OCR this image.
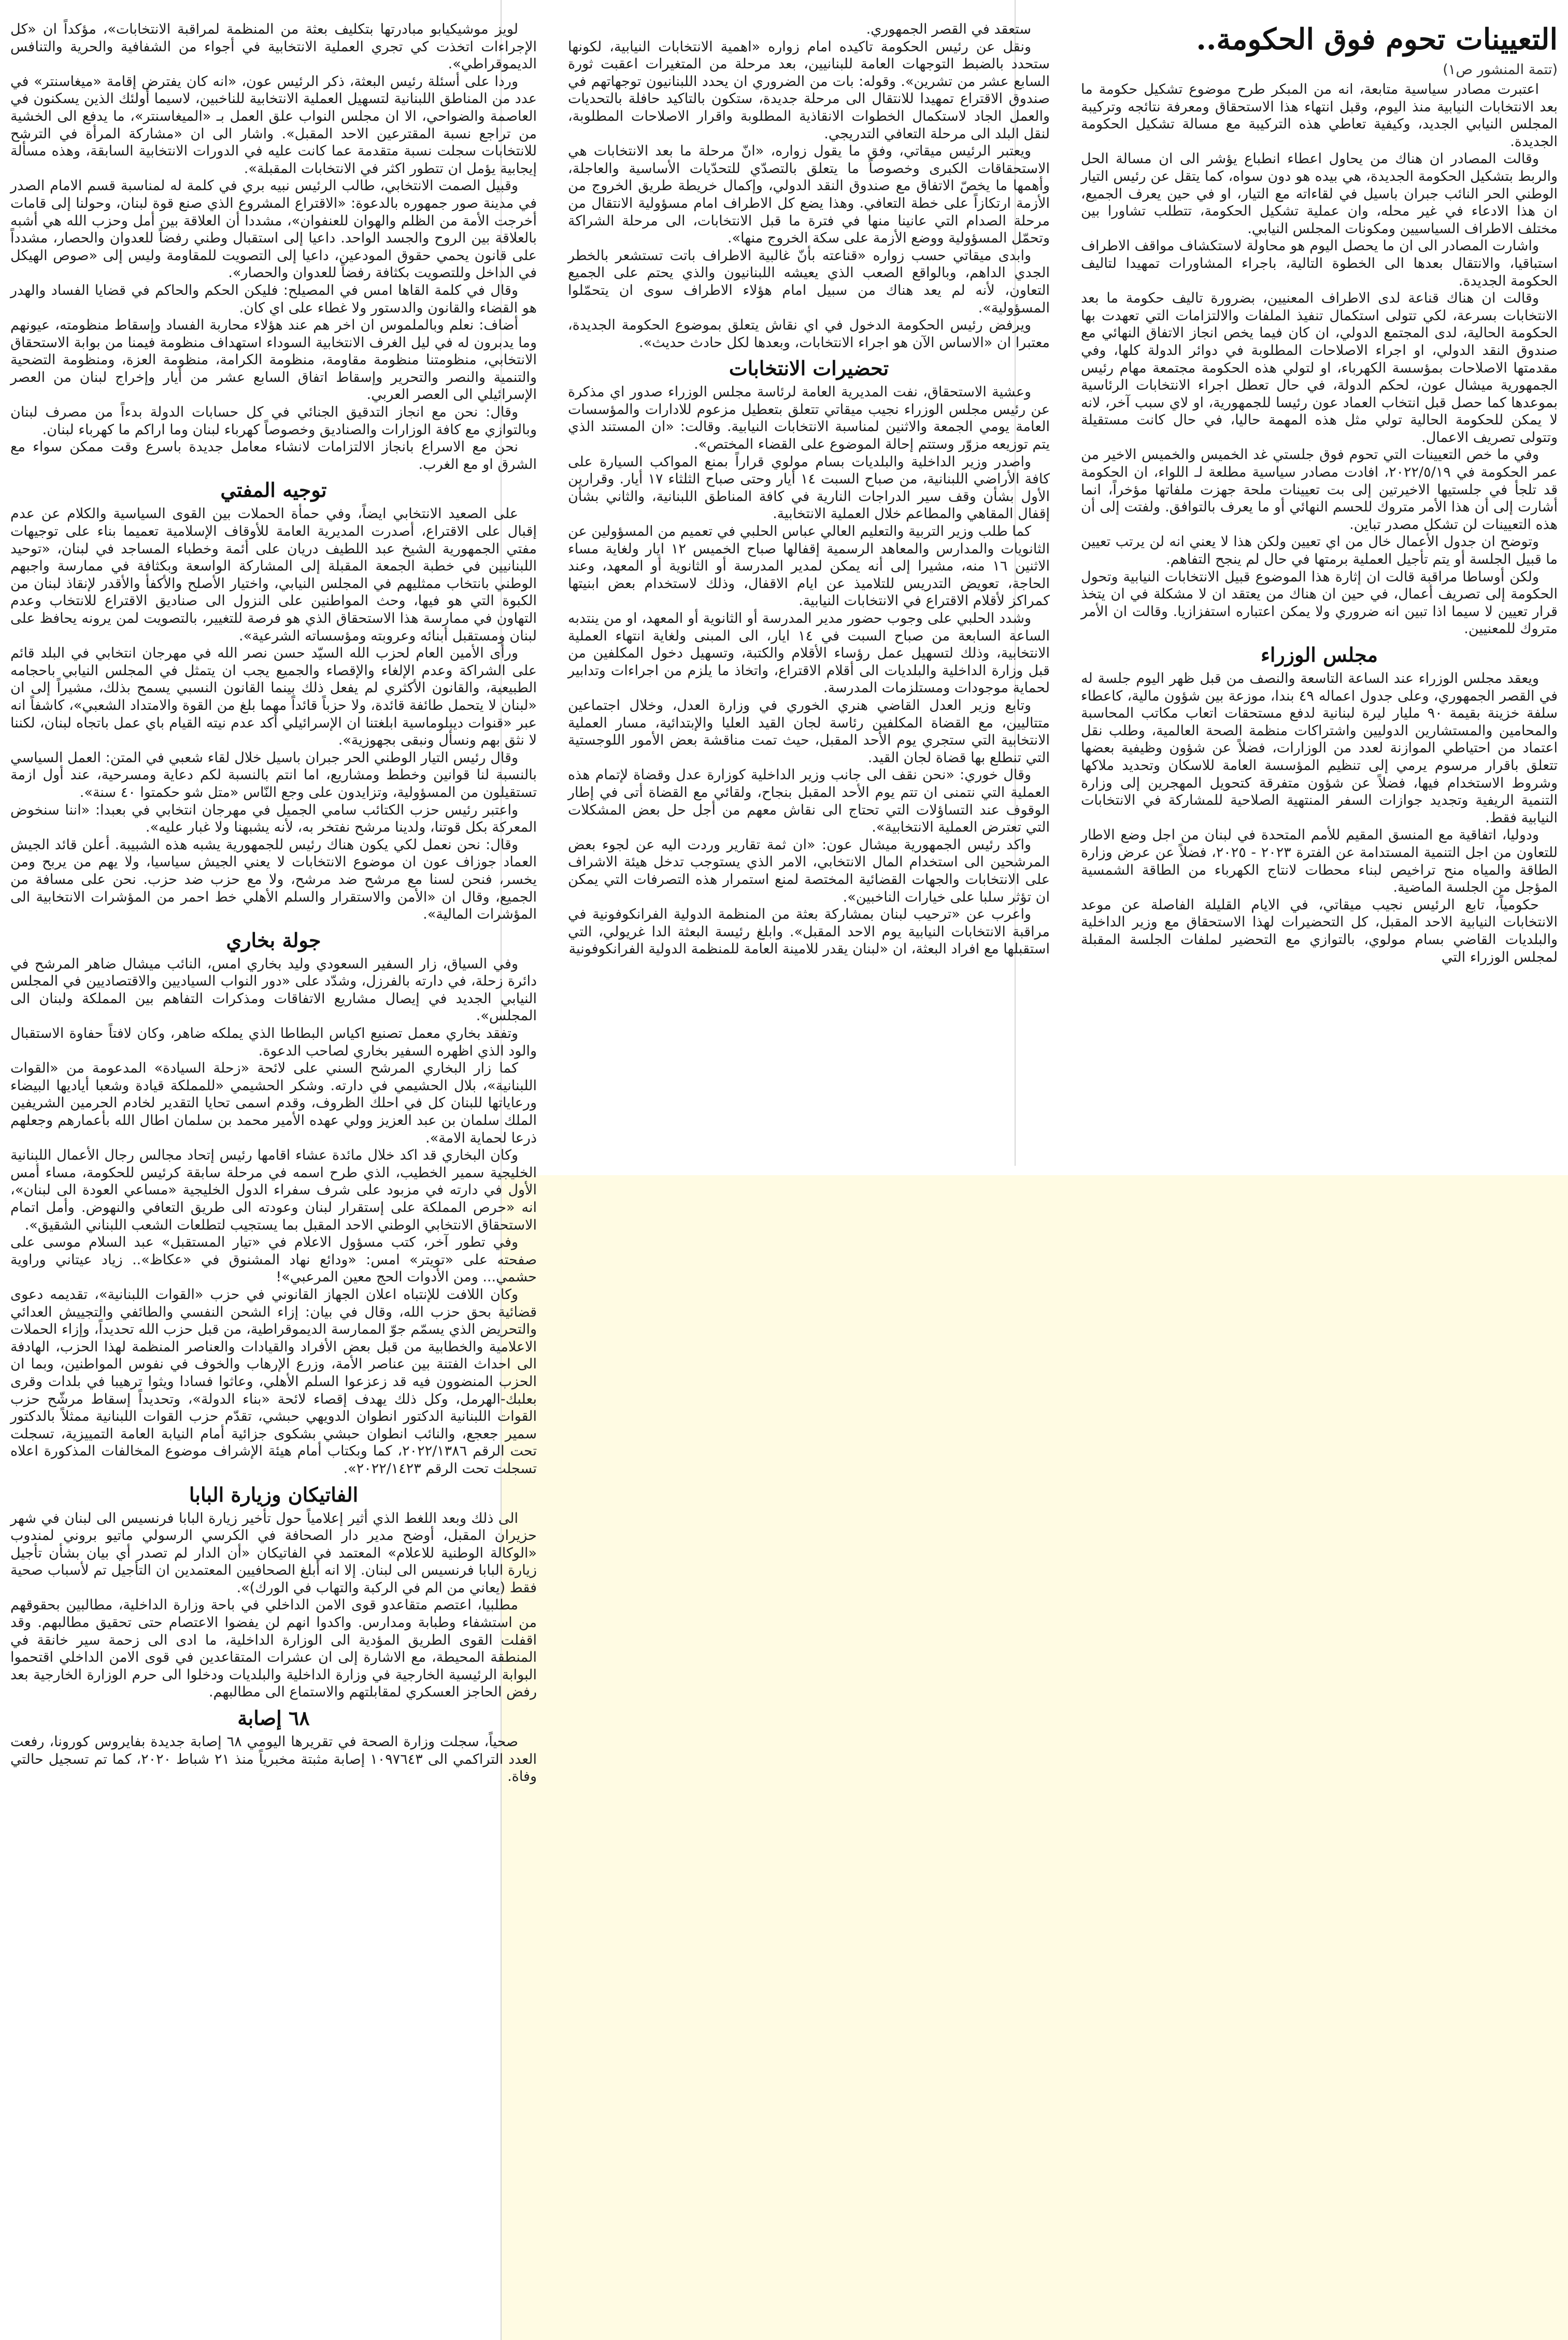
التعيينات تحوم فوق الحكومة..
(تتمة المنشور ص١)

اعتبرت مصادر سياسية متابعة، انه من المبكر طرح موضوع تشكيل حكومة ما بعد الانتخابات النيابية منذ اليوم، وقبل انتهاء هذا الاستحقاق ومعرفة نتائجه وتركيبة المجلس النيابي الجديد، وكيفية تعاطي هذه التركيبة مع مسالة تشكيل الحكومة الجديدة.

وقالت المصادر ان هناك من يحاول اعطاء انطباع يؤشر الى ان مسالة الحل والربط بتشكيل الحكومة الجديدة، هي بيده هو دون سواه، كما يتقل عن رئيس التيار الوطني الحر النائب جبران باسيل في لقاءاته مع التيار، او في حين يعرف الجميع، ان هذا الادعاء في غير محله، وان عملية تشكيل الحكومة، تتطلب تشاورا بين مختلف الاطراف السياسيين ومكونات المجلس النيابي.

واشارت المصادر الى ان ما يحصل اليوم هو محاولة لاستكشاف مواقف الاطراف استباقيا، والانتقال بعدها الى الخطوة التالية، باجراء المشاورات تمهيدا لتاليف الحكومة الجديدة.

وقالت ان هناك قناعة لدى الاطراف المعنيين، بضرورة تاليف حكومة ما بعد الانتخابات بسرعة، لكي تتولى استكمال تنفيذ الملفات والالتزامات التي تعهدت بها الحكومة الحالية، لدى المجتمع الدولي، ان كان فيما يخص انجاز الاتفاق النهائي مع صندوق النقد الدولي، او اجراء الاصلاحات المطلوبة في دوائر الدولة كلها، وفي مقدمتها الاصلاحات بمؤسسة الكهرباء، او لتولي هذه الحكومة مجتمعة مهام رئيس الجمهورية ميشال عون، لحكم الدولة، في حال تعطل اجراء الانتخابات الرئاسية بموعدها كما حصل قبل انتخاب العماد عون رئيسا للجمهورية، او لاي سبب آخر، لانه لا يمكن للحكومة الحالية تولي مثل هذه المهمة حاليا، في حال كانت مستقيلة وتتولى تصريف الاعمال.

وفي ما خص التعيينات التي تحوم فوق جلستي غد الخميس والخميس الاخير من عمر الحكومة في ٢٠٢٢/٥/١٩، افادت مصادر سياسية مطلعة لـ اللواء، ان الحكومة قد تلجأ في جلستيها الاخيرتين إلى بت تعيينات ملحة جهزت ملفاتها مؤخراً، انما أشارت إلى أن هذا الأمر متروك للحسم النهائي أو ما يعرف بالتوافق. ولفتت إلى أن هذه التعيينات لن تشكل مصدر تباين.

وتوضح ان جدول الأعمال خال من اي تعيين ولكن هذا لا يعني انه لن يرتب تعيين ما قبيل الجلسة أو يتم تأجيل العملية برمتها في حال لم ينجح التفاهم.

ولكن أوساطا مراقبة قالت ان إثارة هذا الموضوع قبيل الانتخابات النيابية وتحول الحكومة إلى تصريف أعمال، في حين ان هناك من يعتقد ان لا مشكلة في ان يتخذ قرار تعيين لا سيما اذا تبين انه ضروري ولا يمكن اعتباره استفزازيا. وقالت ان الأمر متروك للمعنيين.

مجلس الوزراء

ويعقد مجلس الوزراء عند الساعة التاسعة والنصف من قبل ظهر اليوم جلسة له في القصر الجمهوري، وعلى جدول اعماله ٤٩ بندا، موزعة بين شؤون مالية، كاعطاء سلفة خزينة بقيمة ٩٠ مليار ليرة لبنانية لدفع مستحقات اتعاب مكاتب المحاسبة والمحامين والمستشارين الدوليين واشتراكات منظمة الصحة العالمية، وطلب نقل اعتماد من احتياطي الموازنة لعدد من الوزارات، فضلاً عن شؤون وظيفية بعضها تتعلق باقرار مرسوم يرمي إلى تنظيم المؤسسة العامة للاسكان وتحديد ملاكها وشروط الاستخدام فيها، فضلاً عن شؤون متفرقة كتحويل المهجرين إلى وزارة التنمية الريفية وتجديد جوازات السفر المنتهية الصلاحية للمشاركة في الانتخابات النيابية فقط.

ودوليا، اتفاقية مع المنسق المقيم للأمم المتحدة في لبنان من اجل وضع الاطار للتعاون من اجل التنمية المستدامة عن الفترة ٢٠٢٣ - ٢٠٢٥، فضلاً عن عرض وزارة الطاقة والمياه منح تراخيص لبناء محطات لانتاج الكهرباء من الطاقة الشمسية المؤجل من الجلسة الماضية.

حكومياً، تابع الرئيس نجيب ميقاتي، في الايام القليلة الفاصلة عن موعد الانتخابات النيابية الاحد المقبل، كل التحضيرات لهذا الاستحقاق مع وزير الداخلية والبلديات القاضي بسام مولوي، بالتوازي مع التحضير لملفات الجلسة المقبلة لمجلس الوزراء التي

ستعقد في القصر الجمهوري.

ونقل عن رئيس الحكومة تاكيده امام زواره «اهمية الانتخابات النيابية، لكونها ستحدد بالضبط التوجهات العامة للبنانيين، بعد مرحلة من المتغيرات اعقبت ثورة السابع عشر من تشرين». وقوله: بات من الضروري ان يحدد اللبنانيون توجهاتهم في صندوق الاقتراع تمهيدا للانتقال الى مرحلة جديدة، ستكون بالتاكيد حافلة بالتحديات والعمل الجاد لاستكمال الخطوات الانقاذية المطلوبة واقرار الاصلاحات المطلوبة، لنقل البلد الى مرحلة التعافي التدريجي.

ويعتبر الرئيس ميقاتي، وفق ما يقول زواره، «انّ مرحلة ما بعد الانتخابات هي الاستحقاقات الكبرى وخصوصاً ما يتعلق بالتصدّي للتحدّيات الأساسية والعاجلة، وأهمها ما يخصّ الاتفاق مع صندوق النقد الدولي، وإكمال خريطة طريق الخروج من الأزمة ارتكازاً على خطة التعافي. وهذا يضع كل الاطراف امام مسؤولية الانتقال من مرحلة الصدام التي عانينا منها في فترة ما قبل الانتخابات، الى مرحلة الشراكة وتحمّل المسؤولية ووضع الأزمة على سكة الخروج منها».

وابدى ميقاتي حسب زواره «قناعته بأنّ غالبية الاطراف باتت تستشعر بالخطر الجدي الداهم، وبالواقع الصعب الذي يعيشه اللبنانيون والذي يحتم على الجميع التعاون، لأنه لم يعد هناك من سبيل امام هؤلاء الاطراف سوى ان يتحمّلوا المسؤولية».

ويرفض رئيس الحكومة الدخول في اي نقاش يتعلق بموضوع الحكومة الجديدة، معتبرا ان «الاساس الآن هو اجراء الانتخابات، وبعدها لكل حادث حديث».

تحضيرات الانتخابات

وعشية الاستحقاق، نفت المديرية العامة لرئاسة مجلس الوزراء صدور اي مذكرة عن رئيس مجلس الوزراء نجيب ميقاتي تتعلق بتعطيل مزعوم للادارات والمؤسسات العامة يومي الجمعة والاثنين لمناسبة الانتخابات النيابية. وقالت: «ان المستند الذي يتم توزيعه مزوّر وستتم إحالة الموضوع على القضاء المختص».

واصدر وزير الداخلية والبلديات بسام مولوي قراراً بمنع المواكب السيارة على كافة الأراضي اللبنانية، من صباح السبت ١٤ أيار وحتى صباح الثلثاء ١٧ أيار. وقرارين الأول بشأن وقف سير الدراجات النارية في كافة المناطق اللبنانية، والثاني بشأن إقفال المقاهي والمطاعم خلال العملية الانتخابية.

كما طلب وزير التربية والتعليم العالي عباس الحلبي في تعميم من المسؤولين عن الثانويات والمدارس والمعاهد الرسمية إقفالها صباح الخميس ١٢ ايار ولغاية مساء الاثنين ١٦ منه، مشيرا إلى أنه يمكن لمدير المدرسة أو الثانوية أو المعهد، وعند الحاجة، تعويض التدريس للتلاميذ عن ايام الاقفال، وذلك لاستخدام بعض ابنيتها كمراكز لأقلام الاقتراع في الانتخابات النيابية.

وشدد الحلبي على وجوب حضور مدير المدرسة أو الثانوية أو المعهد، او من ينتدبه الساعة السابعة من صباح السبت في ١٤ ايار، الى المبنى ولغاية انتهاء العملية الانتخابية، وذلك لتسهيل عمل رؤساء الأقلام والكتبة، وتسهيل دخول المكلفين من قبل وزارة الداخلية والبلديات الى أقلام الاقتراع، واتخاذ ما يلزم من اجراءات وتدابير لحماية موجودات ومستلزمات المدرسة.

وتابع وزير العدل القاضي هنري الخوري في وزارة العدل، وخلال اجتماعين متتاليين، مع القضاة المكلفين رئاسة لجان القيد العليا والإبتدائية، مسار العملية الانتخابية التي ستجري يوم الأحد المقبل، حيث تمت مناقشة بعض الأمور اللوجستية التي تنطلع بها قضاة لجان القيد.

وقال خوري: «نحن نقف الى جانب وزير الداخلية كوزارة عدل وقضاة لإتمام هذه العملية التي نتمنى ان تتم يوم الأحد المقبل بنجاح، ولقائي مع القضاة أتى في إطار الوقوف عند التساؤلات التي تحتاج الى نقاش معهم من أجل حل بعض المشكلات التي تعترض العملية الانتخابية».

واكد رئيس الجمهورية ميشال عون: «ان ثمة تقارير وردت اليه عن لجوء بعض المرشحين الى استخدام المال الانتخابي، الامر الذي يستوجب تدخل هيئة الاشراف على الانتخابات والجهات القضائية المختصة لمنع استمرار هذه التصرفات التي يمكن ان تؤثر سلبا على خيارات الناخبين».

واعرب عن «ترحيب لبنان بمشاركة بعثة من المنظمة الدولية الفرانكوفونية في مراقبة الانتخابات النيابية يوم الاحد المقبل». وابلغ رئيسة البعثة الدا غريولي، التي استقبلها مع افراد البعثة، ان «لبنان يقدر للامينة العامة للمنظمة الدولية الفرانكوفونية

لويز موشيكيابو مبادرتها بتكليف بعثة من المنظمة لمراقبة الانتخابات»، مؤكداً ان «كل الإجراءات اتخذت كي تجري العملية الانتخابية في أجواء من الشفافية والحرية والتنافس الديموقراطي».

وردا على أسئلة رئيس البعثة، ذكر الرئيس عون، «انه كان يفترض إقامة «ميغاسنتر» في عدد من المناطق اللبنانية لتسهيل العملية الانتخابية للناخبين، لاسيما أولئك الذين يسكنون في العاصمة والضواحي، الا ان مجلس النواب علق العمل بـ «الميغاسنتر»، ما يدفع الى الخشية من تراجع نسبة المقترعين الاحد المقبل». واشار الى ان «مشاركة المرأة في الترشح للانتخابات سجلت نسبة متقدمة عما كانت عليه في الدورات الانتخابية السابقة، وهذه مسألة إيجابية يؤمل ان تتطور اكثر في الانتخابات المقبلة».

وقبيل الصمت الانتخابي، طالب الرئيس نبيه بري في كلمة له لمناسبة قسم الامام الصدر في مدينة صور جمهوره بالدعوة: «الاقتراع المشروع الذي صنع قوة لبنان، وحولنا إلى قامات أخرجت الأمة من الظلم والهوان للعنفوان»، مشددا أن العلاقة بين أمل وحزب الله هي أشبه بالعلاقة بين الروح والجسد الواحد. داعيا إلى استقبال وطني رفضاً للعدوان والحصار، مشدداً على قانون يحمي حقوق المودعين، داعيا إلى التصويت للمقاومة وليس إلى «صوص الهيكل في الداخل وللتصويت بكثافة رفضاً للعدوان والحصار».

وقال في كلمة القاها امس في المصيلح: فليكن الحكم والحاكم في قضايا الفساد والهدر هو القضاء والقانون والدستور ولا غطاء على اي كان.

أضاف: نعلم وبالملموس ان اخر هم عند هؤلاء محاربة الفساد وإسقاط منظومته، عيونهم وما يدبرون له في ليل الغرف الانتخابية السوداء استهداف منظومة فيمنا من بوابة الاستحقاق الانتخابي، منظومتنا منظومة مقاومة، منظومة الكرامة، منظومة العزة، ومنظومة التضحية والتنمية والنصر والتحرير وإسقاط اتفاق السابع عشر من أيار وإخراج لبنان من العصر الإسرائيلي الى العصر العربي.

وقال: نحن مع انجاز التدقيق الجنائي في كل حسابات الدولة بدءاً من مصرف لبنان وبالتوازي مع كافة الوزارات والصناديق وخصوصاً كهرباء لبنان وما اراكم ما كهرباء لبنان.

نحن مع الاسراع بانجاز الالتزامات لانشاء معامل جديدة باسرع وقت ممكن سواء مع الشرق او مع الغرب.

توجيه المفتي

على الصعيد الانتخابي ايضاً، وفي حمأة الحملات بين القوى السياسية والكلام عن عدم إقبال على الاقتراع، أصدرت المديرية العامة للأوقاف الإسلامية تعميما بناء على توجيهات مفتي الجمهورية الشيخ عبد اللطيف دريان على أئمة وخطباء المساجد في لبنان، «توحيد اللبنانيين في خطبة الجمعة المقبلة إلى المشاركة الواسعة وبكثافة في ممارسة واجبهم الوطني بانتخاب ممثليهم في المجلس النيابي، واختيار الأصلح والأكفأ والأقدر لإنقاذ لبنان من الكبوة التي هو فيها، وحث المواطنين على النزول الى صناديق الاقتراع للانتخاب وعدم التهاون في ممارسة هذا الاستحقاق الذي هو فرصة للتغيير، بالتصويت لمن يرونه يحافظ على لبنان ومستقبل أبنائه وعروبته ومؤسساته الشرعية».

ورأى الأمين العام لحزب الله السيّد حسن نصر الله في مهرجان انتخابي في البلد قائم على الشراكة وعدم الإلغاء والإقصاء والجميع يجب ان يتمثل في المجلس النيابي باحجامه الطبيعية، والقانون الأكثري لم يفعل ذلك بينما القانون النسبي يسمح بذلك، مشيراً إلى ان «لبنان لا يتحمل طائفة قائدة، ولا حزباً قائداً مهما بلغ من القوة والامتداد الشعبي»، كاشفاً انه عبر «قنوات ديبلوماسية ابلغتنا ان الإسرائيلي أكد عدم نيته القيام باي عمل باتجاه لبنان، لكننا لا نثق بهم ونسأل ونبقى بجهوزية».

وقال رئيس التيار الوطني الحر جبران باسيل خلال لقاء شعبي في المتن: العمل السياسي بالنسبة لنا قوانين وخطط ومشاريع، اما انتم بالنسبة لكم دعاية ومسرحية، عند أول ازمة تستقيلون من المسؤولية، وتزايدون على وجع النّاس «متل شو حكمتوا ٤٠ سنة».

واعتبر رئيس حزب الكتائب سامي الجميل في مهرجان انتخابي في بعبدا: «اننا سنخوض المعركة بكل قوتنا، ولدينا مرشح نفتخر به، لأنه يشبهنا ولا غبار عليه».

وقال: نحن نعمل لكي يكون هناك رئيس للجمهورية يشبه هذه الشبيبة. أعلن قائد الجيش العماد جوزاف عون ان موضوع الانتخابات لا يعني الجيش سياسيا، ولا يهم من يربح ومن يخسر، فنحن لسنا مع مرشح ضد مرشح، ولا مع حزب ضد حزب. نحن على مسافة من الجميع، وقال ان «الأمن والاستقرار والسلم الأهلي خط احمر من المؤشرات الانتخابية الى المؤشرات المالية».

جولة بخاري

وفي السياق، زار السفير السعودي وليد بخاري امس، النائب ميشال ضاهر المرشح في دائرة زحلة، في دارته بالفرزل، وشدّد على «دور النواب السياديين والاقتصاديين في المجلس النيابي الجديد في إيصال مشاريع الاتفاقات ومذكرات التفاهم بين المملكة ولبنان الى المجلس».

وتفقد بخاري معمل تصنيع اكياس البطاطا الذي يملكه ضاهر، وكان لافتاً حفاوة الاستقبال والود الذي اظهره السفير بخاري لصاحب الدعوة.

كما زار البخاري المرشح السني على لائحة «زحلة السيادة» المدعومة من «القوات اللبنانية»، بلال الحشيمي في دارته. وشكر الحشيمي «للمملكة قيادة وشعبا أياديها البيضاء ورعاياتها للبنان كل في احلك الظروف، وقدم اسمى تحايا التقدير لخادم الحرمين الشريفين الملك سلمان بن عبد العزيز وولي عهده الأمير محمد بن سلمان اطال الله بأعمارهم وجعلهم ذرعا لحماية الامة».

وكان البخاري قد اكد خلال مائدة عشاء اقامها رئيس إتحاد مجالس رجال الأعمال اللبنانية الخليجية سمير الخطيب، الذي طرح اسمه في مرحلة سابقة كرئيس للحكومة، مساء أمس الأول في دارته في مزبود على شرف سفراء الدول الخليجية «مساعي العودة الى لبنان»، انه «حرص المملكة على إستقرار لبنان وعودته الى طريق التعافي والنهوض. وأمل اتمام الاستحقاق الانتخابي الوطني الاحد المقبل بما يستجيب لتطلعات الشعب اللبناني الشقيق».

وفي تطور آخر، كتب مسؤول الاعلام في «تيار المستقبل» عبد السلام موسى على صفحته على «تويتر» امس: «ودائع نهاد المشنوق في «عكاظ».. زياد عيتاني وراوية حشمي... ومن الأدوات الحج معين المرعبي»!

وكان اللافت للإنتباه اعلان الجهاز القانوني في حزب «القوات اللبنانية»، تقديمه دعوى قضائية بحق حزب الله، وقال في بيان: إزاء الشحن النفسي والطائفي والتجييش العدائي والتحريض الذي يسمّم جوّ الممارسة الديموقراطية، من قبل حزب الله تحديداً، وإزاء الحملات الاعلامية والخطابية من قبل بعض الأفراد والقيادات والعناصر المنظمة لهذا الحزب، الهادفة الى احداث الفتنة بين عناصر الأمة، وزرع الإرهاب والخوف في نفوس المواطنين، وبما ان الحزب المنضوون فيه قد زعزعوا السلم الأهلي، وعاثوا فسادا ويثوا ترهيبا في بلدات وقرى بعلبك-الهرمل، وكل ذلك يهدف إقصاء لائحة «بناء الدولة»، وتحديداً إسقاط مرشّح حزب القوات اللبنانية الدكتور انطوان الدويهي حبشي، تقدّم حزب القوات اللبنانية ممثلاً بالدكتور سمير جعجع، والنائب انطوان حبشي بشكوى جزائية أمام النيابة العامة التمييزية، تسجلت تحت الرقم ٢٠٢٢/١٣٨٦، كما وبكتاب أمام هيئة الإشراف موضوع المخالفات المذكورة اعلاه تسجلت تحت الرقم ٢٠٢٢/١٤٢٣».

الفاتيكان وزيارة البابا

الى ذلك وبعد اللغط الذي أثير إعلامياً حول تأخير زيارة البابا فرنسيس الى لبنان في شهر حزيران المقبل، أوضح مدير دار الصحافة في الكرسي الرسولي ماتيو بروني لمندوب «الوكالة الوطنية للاعلام» المعتمد في الفاتيكان «أن الدار لم تصدر أي بيان بشأن تأجيل زيارة البابا فرنسيس الى لبنان. إلا انه أبلغ الصحافيين المعتمدين ان التأجيل تم لأسباب صحية فقط (يعاني من الم في الركبة والتهاب في الورك)».

مطلبيا، اعتصم متقاعدو قوى الامن الداخلي في باحة وزارة الداخلية، مطالبين بحقوقهم من استشفاء وطبابة ومدارس. واكدوا انهم لن يفضوا الاعتصام حتى تحقيق مطالبهم. وقد اقفلت القوى الطريق المؤدية الى الوزارة الداخلية، ما ادى الى زحمة سير خانقة في المنطقة المحيطة، مع الاشارة إلى ان عشرات المتقاعدين في قوى الامن الداخلي اقتحموا البوابة الرئيسية الخارجية في وزارة الداخلية والبلديات ودخلوا الى حرم الوزارة الخارجية بعد رفض الحاجز العسكري لمقابلتهم والاستماع الى مطالبهم.

٦٨ إصابة

صحياً، سجلت وزارة الصحة في تقريرها اليومي ٦٨ إصابة جديدة بفايروس كورونا، رفعت العدد التراكمي الى ١٠٩٧٦٤٣ إصابة مثبتة مخبرياً منذ ٢١ شباط ٢٠٢٠، كما تم تسجيل حالتي وفاة.
